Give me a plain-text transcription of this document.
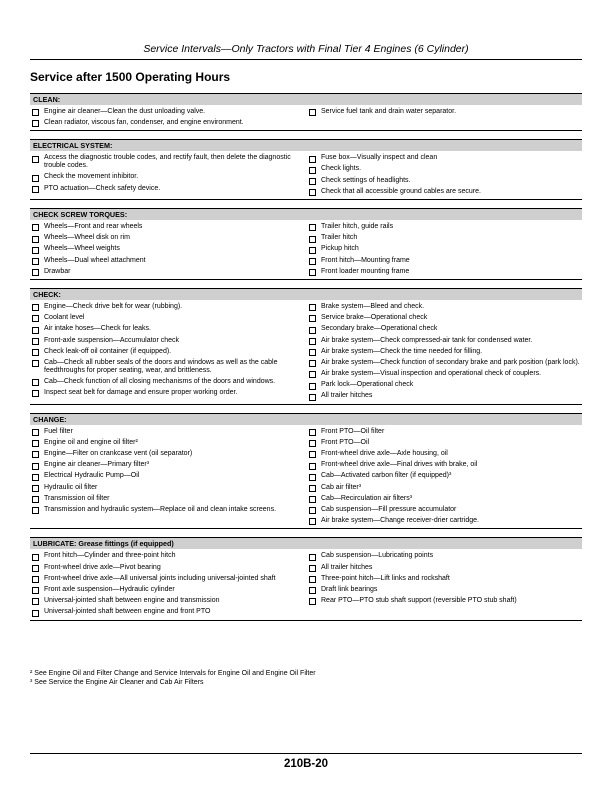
Service Intervals—Only Tractors with Final Tier 4 Engines (6 Cylinder)
Service after 1500 Operating Hours
CLEAN:
Engine air cleaner—Clean the dust unloading valve.
Clean radiator, viscous fan, condenser, and engine environment.
Service fuel tank and drain water separator.
ELECTRICAL SYSTEM:
Access the diagnostic trouble codes, and rectify fault, then delete the diagnostic trouble codes.
Check the movement inhibitor.
PTO actuation—Check safety device.
Fuse box—Visually inspect and clean
Check lights.
Check settings of headlights.
Check that all accessible ground cables are secure.
CHECK SCREW TORQUES:
Wheels—Front and rear wheels
Wheels—Wheel disk on rim
Wheels—Wheel weights
Wheels—Dual wheel attachment
Drawbar
Trailer hitch, guide rails
Trailer hitch
Pickup hitch
Front hitch—Mounting frame
Front loader mounting frame
CHECK:
Engine—Check drive belt for wear (rubbing).
Coolant level
Air intake hoses—Check for leaks.
Front-axle suspension—Accumulator check
Check leak-off oil container (if equipped).
Cab—Check all rubber seals of the doors and windows as well as the cable feedthroughs for proper seating, wear, and brittleness.
Cab—Check function of all closing mechanisms of the doors and windows.
Inspect seat belt for damage and ensure proper working order.
Brake system—Bleed and check.
Service brake—Operational check
Secondary brake—Operational check
Air brake system—Check compressed-air tank for condensed water.
Air brake system—Check the time needed for filling.
Air brake system—Check function of secondary brake and park position (park lock).
Air brake system—Visual inspection and operational check of couplers.
Park lock—Operational check
All trailer hitches
CHANGE:
Fuel filter
Engine oil and engine oil filter²
Engine—Filter on crankcase vent (oil separator)
Engine air cleaner—Primary filter³
Electrical Hydraulic Pump—Oil
Hydraulic oil filter
Transmission oil filter
Transmission and hydraulic system—Replace oil and clean intake screens.
Front PTO—Oil filter
Front PTO—Oil
Front-wheel drive axle—Axle housing, oil
Front-wheel drive axle—Final drives with brake, oil
Cab—Activated carbon filter (if equipped)³
Cab air filter³
Cab—Recirculation air filters³
Cab suspension—Fill pressure accumulator
Air brake system—Change receiver-drier cartridge.
LUBRICATE: Grease fittings (if equipped)
Front hitch—Cylinder and three-point hitch
Front-wheel drive axle—Pivot bearing
Front-wheel drive axle—All universal joints including universal-jointed shaft
Front axle suspension—Hydraulic cylinder
Universal-jointed shaft between engine and transmission
Universal-jointed shaft between engine and front PTO
Cab suspension—Lubricating points
All trailer hitches
Three-point hitch—Lift links and rockshaft
Draft link bearings
Rear PTO—PTO stub shaft support (reversible PTO stub shaft)
² See Engine Oil and Filter Change and Service Intervals for Engine Oil and Engine Oil Filter
³ See Service the Engine Air Cleaner and Cab Air Filters
210B-20
